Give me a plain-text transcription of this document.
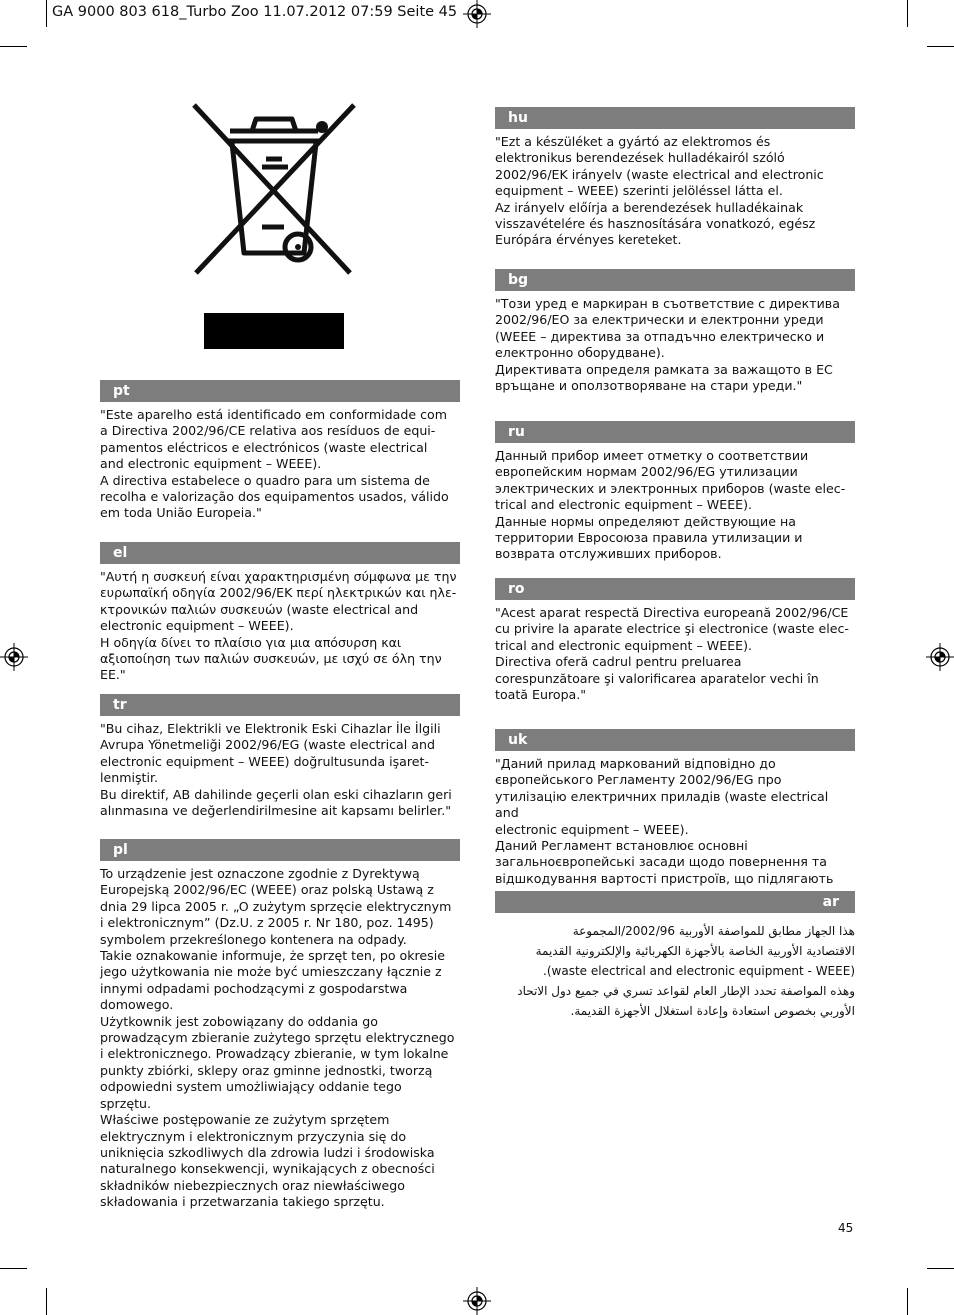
GA 9000 803 618_Turbo Zoo 11.07.2012 07:59 Seite 45
pt
"Este aparelho está identificado em conformidade com
a Directiva 2002/96/CE relativa aos resíduos de equi-
pamentos eléctricos e electrónicos (waste electrical
and electronic equipment – WEEE).
A directiva estabelece o quadro para um sistema de
recolha e valorização dos equipamentos usados, válido
em toda União Europeia."
el
"Αυτή η συσκευή είναι χαρακτηρισμένη σύμφωνα με την
ευρωπαϊκή οδηγία 2002/96/EK περί ηλεκτρικών και ηλε-
κτρονικών παλιών συσκευών (waste electrical and
electronic equipment – WEEE).
Η οδηγία δίνει το πλαίσιο για μια απόσυρση και
αξιοποίηση των παλιών συσκευών, με ισχύ σε όλη την ΕΕ."
tr
"Bu cihaz, Elektrikli ve Elektronik Eski Cihazlar İle İlgili
Avrupa Yönetmeliği 2002/96/EG (waste electrical and
electronic equipment – WEEE) doğrultusunda işaret-
lenmiştir.
Bu direktif, AB dahilinde geçerli olan eski cihazların geri
alınmasına ve değerlendirilmesine ait kapsamı belirler."
pl
To urządzenie jest oznaczone zgodnie z Dyrektywą
Europejską 2002/96/EC (WEEE) oraz polską Ustawą z
dnia 29 lipca 2005 r. „O zużytym sprzęcie elektrycznym
i elektronicznym” (Dz.U. z 2005 r. Nr 180, poz. 1495)
symbolem przekreślonego kontenera na odpady.
Takie oznakowanie informuje, że sprzęt ten, po okresie
jego użytkowania nie może być umieszczany łącznie z
innymi odpadami pochodzącymi z gospodarstwa
domowego.
Użytkownik jest zobowiązany do oddania go
prowadzącym zbieranie zużytego sprzętu elektrycznego
i elektronicznego. Prowadzący zbieranie, w tym lokalne
punkty zbiórki, sklepy oraz gminne jednostki, tworzą
odpowiedni system umożliwiający oddanie tego
sprzętu.
Właściwe postępowanie ze zużytym sprzętem
elektrycznym i elektronicznym przyczynia się do
uniknięcia szkodliwych dla zdrowia ludzi i środowiska
naturalnego konsekwencji, wynikających z obecności
składników niebezpiecznych oraz niewłaściwego
składowania i przetwarzania takiego sprzętu.
hu
"Ezt a készüléket a gyártó az elektromos és
elektronikus berendezések hulladékairól szóló
2002/96/EK irányelv (waste electrical and electronic
equipment – WEEE) szerinti jelöléssel látta el.
Az irányelv előírja a berendezések hulladékainak
visszavételére és hasznosítására vonatkozó, egész
Európára érvényes kereteket.
bg
"Този уред е маркиран в съответствие с директива
2002/96/EO за електрически и електронни уреди
(WEEE – директива за отпадъчно електрическо и
електронно оборудване).
Директивата определя рамката за важащото в ЕС
връщане и оползотворяване на стари уреди."
ru
Данный прибор имеет отметку о соответствии
европейским нормам 2002/96/EG утилизации
электрических и электронных приборов (waste elec-
trical and electronic equipment – WEEE).
Данные нормы определяют действующие на
территории Евросоюза правила утилизации и
возврата отслуживших приборов.
ro
"Acest aparat respectă Directiva europeană 2002/96/CE
cu privire la aparate electrice şi electronice (waste elec-
trical and electronic equipment – WEEE).
Directiva oferă cadrul pentru preluarea
corespunzătoare şi valorificarea aparatelor vechi în
toată Europa."
uk
"Даний прилад маркований відповідно до
європейського Регламенту 2002/96/EG про
утилізацію електричних приладів (waste electrical and
electronic equipment – WEEE).
Даний Регламент встановлює основні
загальноєвропейські засади щодо повернення та
відшкодування вартості пристроїв, що підлягають
ar
هذا الجهاز مطابق للمواصفة الأوربية 2002/96/المجموعة
الاقتصادية الأوربية الخاصة بالأجهزة الكهربائية والإلكترونية القديمة
(waste electrical and electronic equipment - WEEE).
وهذه المواصفة تحدد الإطار العام لقواعد تسري في جميع دول الاتحاد
الأوربي بخصوص استعادة وإعادة استغلال الأجهزة القديمة.
45
